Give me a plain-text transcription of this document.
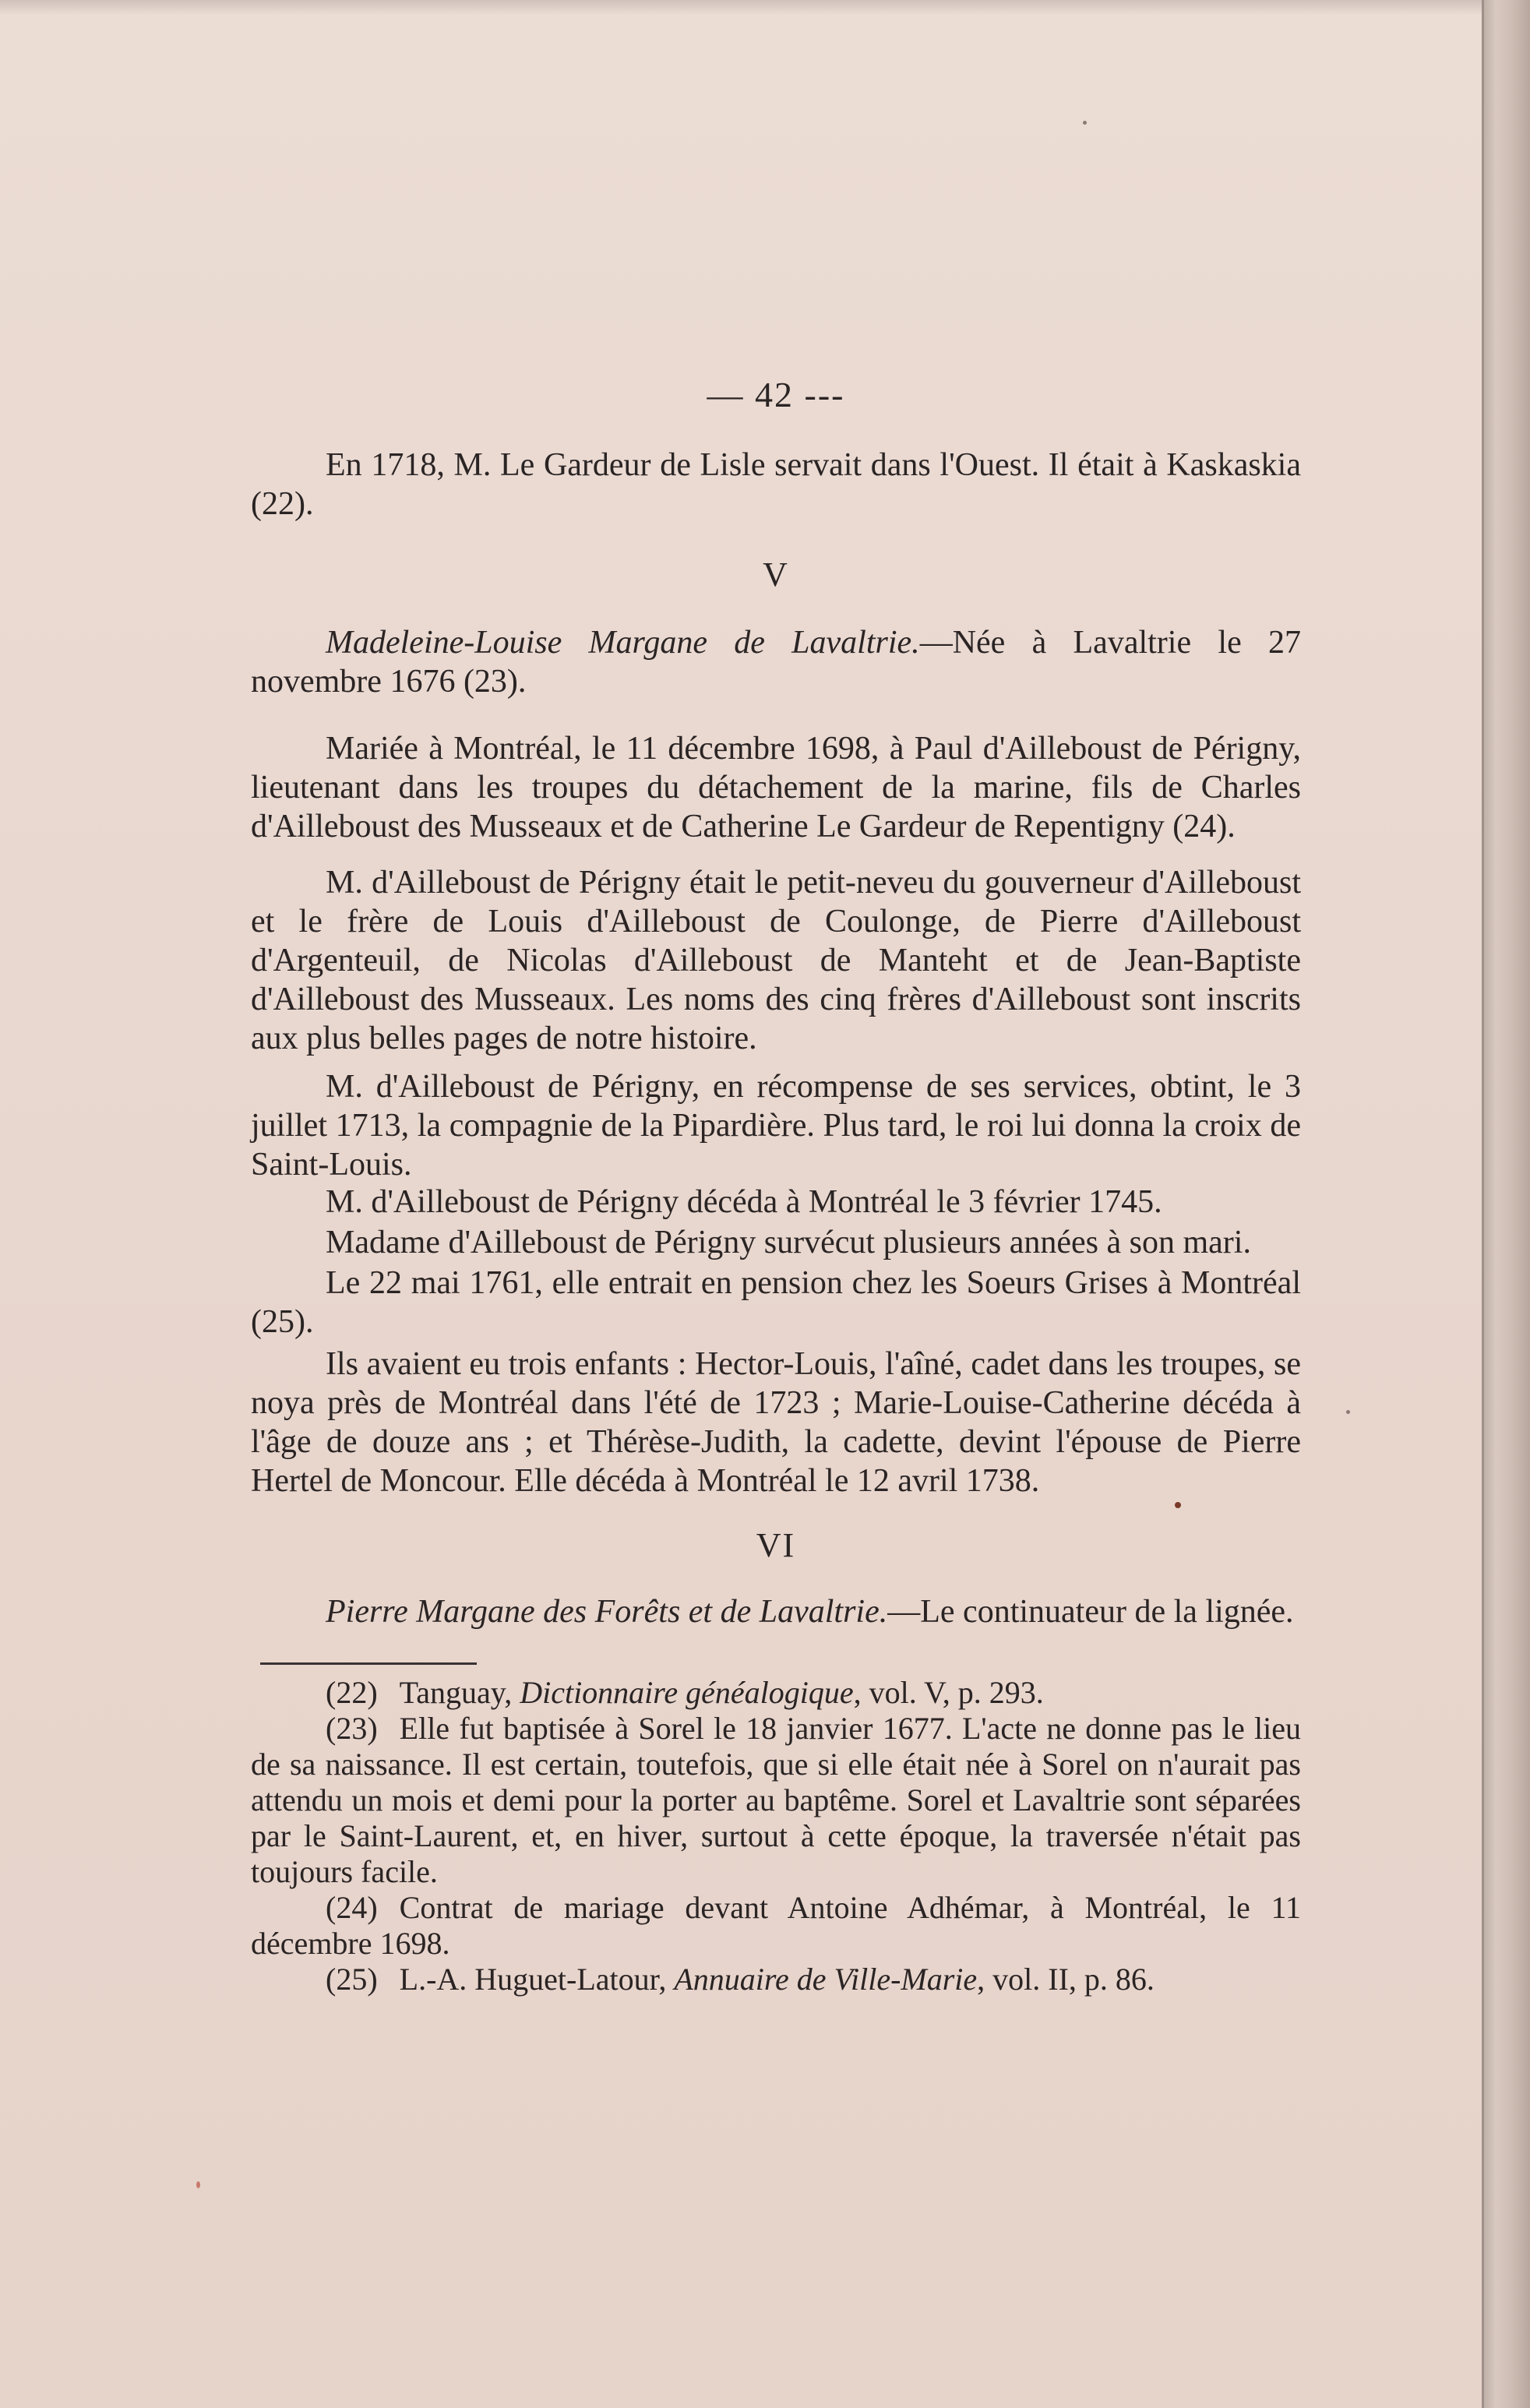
— 42 ---

En 1718, M. Le Gardeur de Lisle servait dans l'Ouest. Il était à Kaskaskia (22).

V

Madeleine-Louise Margane de Lavaltrie.—Née à Lavaltrie le 27 novembre 1676 (23).

Mariée à Montréal, le 11 décembre 1698, à Paul d'Ailleboust de Périgny, lieutenant dans les troupes du détachement de la marine, fils de Charles d'Ailleboust des Musseaux et de Catherine Le Gardeur de Repentigny (24).

M. d'Ailleboust de Périgny était le petit-neveu du gouverneur d'Ailleboust et le frère de Louis d'Ailleboust de Coulonge, de Pierre d'Ailleboust d'Argenteuil, de Nicolas d'Ailleboust de Manteht et de Jean-Baptiste d'Ailleboust des Musseaux. Les noms des cinq frères d'Ailleboust sont inscrits aux plus belles pages de notre histoire.

M. d'Ailleboust de Périgny, en récompense de ses services, obtint, le 3 juillet 1713, la compagnie de la Pipardière. Plus tard, le roi lui donna la croix de Saint-Louis.

M. d'Ailleboust de Périgny décéda à Montréal le 3 février 1745.

Madame d'Ailleboust de Périgny survécut plusieurs années à son mari.

Le 22 mai 1761, elle entrait en pension chez les Soeurs Grises à Montréal (25).

Ils avaient eu trois enfants : Hector-Louis, l'aîné, cadet dans les troupes, se noya près de Montréal dans l'été de 1723 ; Marie-Louise-Catherine décéda à l'âge de douze ans ; et Thérèse-Judith, la cadette, devint l'épouse de Pierre Hertel de Moncour. Elle décéda à Montréal le 12 avril 1738.

VI

Pierre Margane des Forêts et de Lavaltrie.—Le continuateur de la lignée.

(22) Tanguay, Dictionnaire généalogique, vol. V, p. 293.

(23) Elle fut baptisée à Sorel le 18 janvier 1677. L'acte ne donne pas le lieu de sa naissance. Il est certain, toutefois, que si elle était née à Sorel on n'aurait pas attendu un mois et demi pour la porter au baptême. Sorel et Lavaltrie sont séparées par le Saint-Laurent, et, en hiver, surtout à cette époque, la traversée n'était pas toujours facile.

(24) Contrat de mariage devant Antoine Adhémar, à Montréal, le 11 décembre 1698.

(25) L.-A. Huguet-Latour, Annuaire de Ville-Marie, vol. II, p. 86.
